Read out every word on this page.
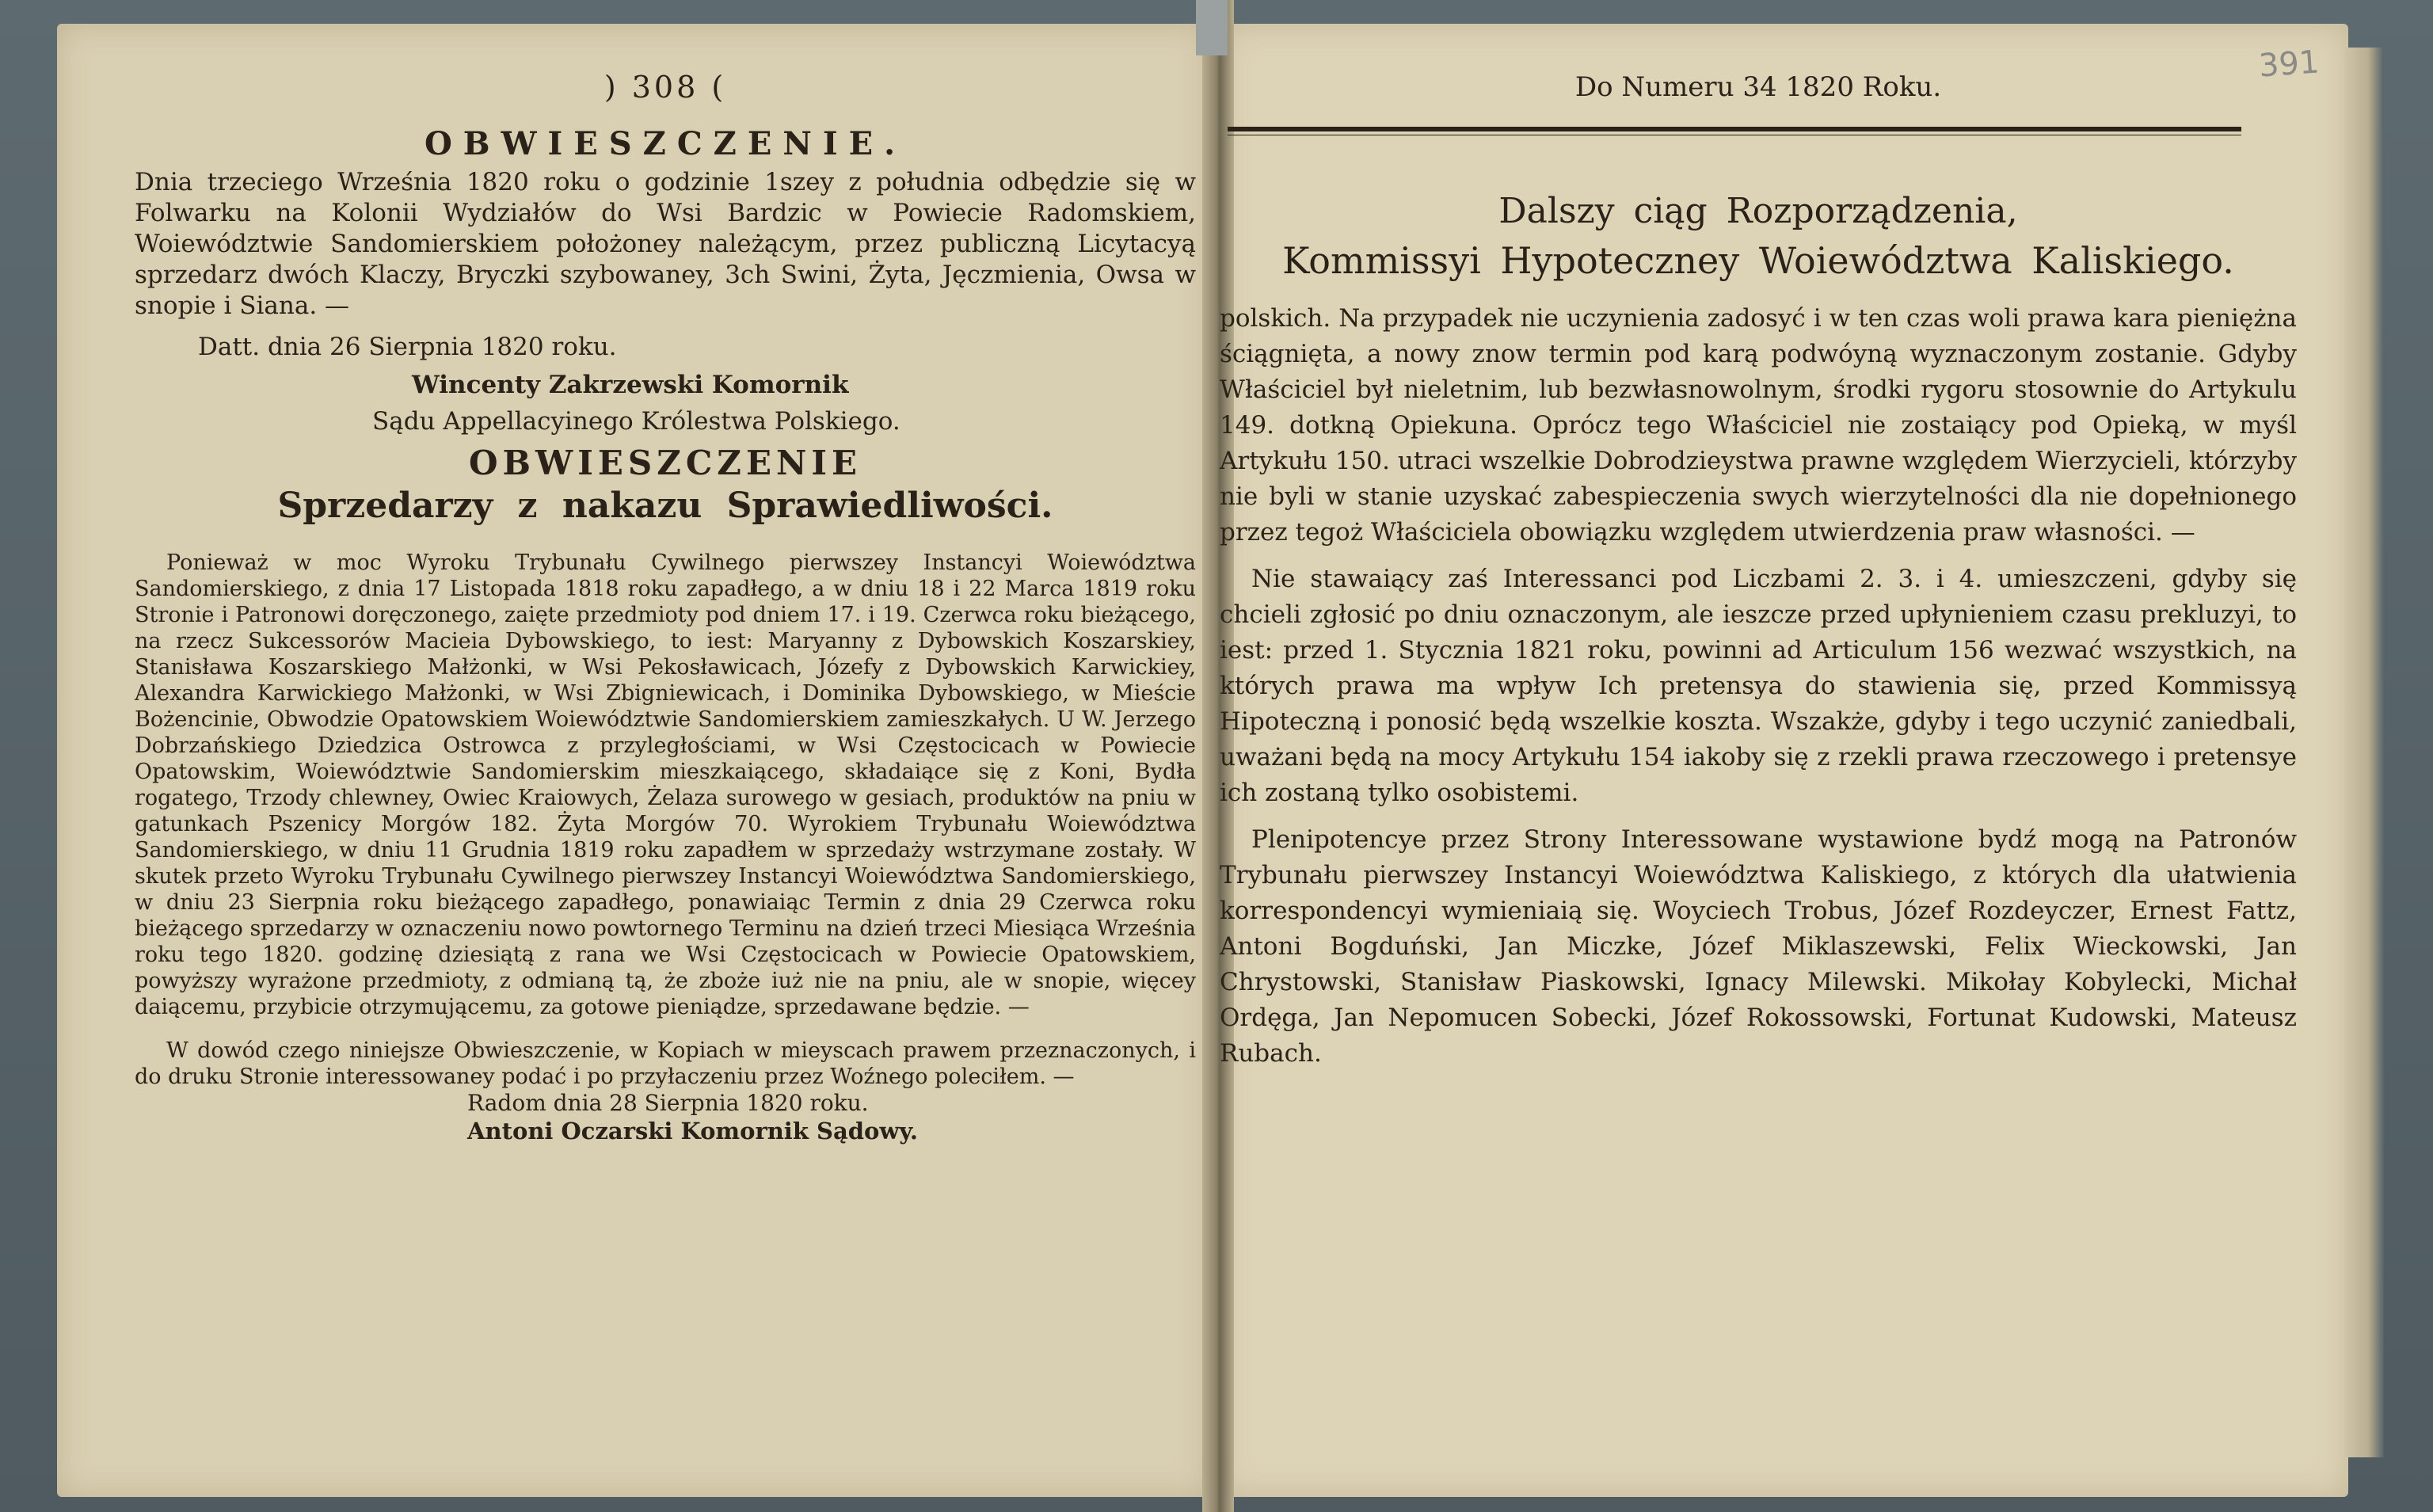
) 308 (
OBWIESZCZENIE.

Dnia trzeciego Września 1820 roku o godzinie 1szey z południa odbędzie się w Folwarku na Kolonii Wydziałów do Wsi Bardzic w Powiecie Radomskiem, Woiewództwie Sandomierskiem położoney należącym, przez publiczną Licytacyą sprzedarz dwóch Klaczy, Bryczki szybowaney, 3ch Swini, Żyta, Jęczmienia, Owsa w snopie i Siana. —

Datt. dnia 26 Sierpnia 1820 roku.
Wincenty Zakrzewski Komornik
Sądu Appellacyinego Królestwa Polskiego.
OBWIESZCZENIE
Sprzedarzy z nakazu Sprawiedliwości.

Ponieważ w moc Wyroku Trybunału Cywilnego pierwszey Instancyi Woiewództwa Sandomierskiego, z dnia 17 Listopada 1818 roku zapadłego, a w dniu 18 i 22 Marca 1819 roku Stronie i Patronowi doręczonego, zaięte przedmioty pod dniem 17. i 19. Czerwca roku bieżącego, na rzecz Sukcessorów Macieia Dybowskiego, to iest: Maryanny z Dybowskich Koszarskiey, Stanisława Koszarskiego Małżonki, w Wsi Pekosławicach, Józefy z Dybowskich Karwickiey, Alexandra Karwickiego Małżonki, w Wsi Zbigniewicach, i Dominika Dybowskiego, w Mieście Bożencinie, Obwodzie Opatowskiem Woiewództwie Sandomierskiem zamieszkałych. U W. Jerzego Dobrzańskiego Dziedzica Ostrowca z przyległościami, w Wsi Częstocicach w Powiecie Opatowskim, Woiewództwie Sandomierskim mieszkaiącego, składaiące się z Koni, Bydła rogatego, Trzody chlewney, Owiec Kraiowych, Żelaza surowego w gesiach, produktów na pniu w gatunkach Pszenicy Morgów 182. Żyta Morgów 70. Wyrokiem Trybunału Woiewództwa Sandomierskiego, w dniu 11 Grudnia 1819 roku zapadłem w sprzedaży wstrzymane zostały. W skutek przeto Wyroku Trybunału Cywilnego pierwszey Instancyi Woiewództwa Sandomierskiego, w dniu 23 Sierpnia roku bieżącego zapadłego, ponawiaiąc Termin z dnia 29 Czerwca roku bieżącego sprzedarzy w oznaczeniu nowo powtornego Terminu na dzień trzeci Miesiąca Września roku tego 1820. godzinę dziesiątą z rana we Wsi Częstocicach w Powiecie Opatowskiem, powyższy wyrażone przedmioty, z odmianą tą, że zboże iuż nie na pniu, ale w snopie, więcey daiącemu, przybicie otrzymującemu, za gotowe pieniądze, sprzedawane będzie. —

W dowód czego niniejsze Obwieszczenie, w Kopiach w mieyscach prawem przeznaczonych, i do druku Stronie interessowaney podać i po przyłaczeniu przez Woźnego poleciłem. —

Radom dnia 28 Sierpnia 1820 roku.
Antoni Oczarski Komornik Sądowy.
391
Do Numeru 34 1820 Roku.
Dalszy ciąg Rozporządzenia,
Kommissyi Hypoteczney Woiewództwa Kaliskiego.

polskich. Na przypadek nie uczynienia zadosyć i w ten czas woli prawa kara pieniężna ściągnięta, a nowy znow termin pod karą podwóyną wyznaczonym zostanie. Gdyby Właściciel był nieletnim, lub bezwłasnowolnym, środki rygoru stosownie do Artykulu 149. dotkną Opiekuna. Oprócz tego Właściciel nie zostaiący pod Opieką, w myśl Artykułu 150. utraci wszelkie Dobrodzieystwa prawne względem Wierzycieli, którzyby nie byli w stanie uzyskać zabespieczenia swych wierzytelności dla nie dopełnionego przez tegoż Właściciela obowiązku względem utwierdzenia praw własności. —

Nie stawaiący zaś Interessanci pod Liczbami 2. 3. i 4. umieszczeni, gdyby się chcieli zgłosić po dniu oznaczonym, ale ieszcze przed upłynieniem czasu prekluzyi, to iest: przed 1. Stycznia 1821 roku, powinni ad Articulum 156 wezwać wszystkich, na których prawa ma wpływ Ich pretensya do stawienia się, przed Kommissyą Hipoteczną i ponosić będą wszelkie koszta. Wszakże, gdyby i tego uczynić zaniedbali, uważani będą na mocy Artykułu 154 iakoby się z rzekli prawa rzeczowego i pretensye ich zostaną tylko osobistemi.

Plenipotencye przez Strony Interessowane wystawione bydź mogą na Patronów Trybunału pierwszey Instancyi Woiewództwa Kaliskiego, z których dla ułatwienia korrespondencyi wymieniaią się. Woyciech Trobus, Józef Rozdeyczer, Ernest Fattz, Antoni Bogduński, Jan Miczke, Józef Miklaszewski, Felix Wieckowski, Jan Chrystowski, Stanisław Piaskowski, Ignacy Milewski. Mikołay Kobylecki, Michał Ordęga, Jan Nepomucen Sobecki, Józef Rokossowski, Fortunat Kudowski, Mateusz Rubach.
